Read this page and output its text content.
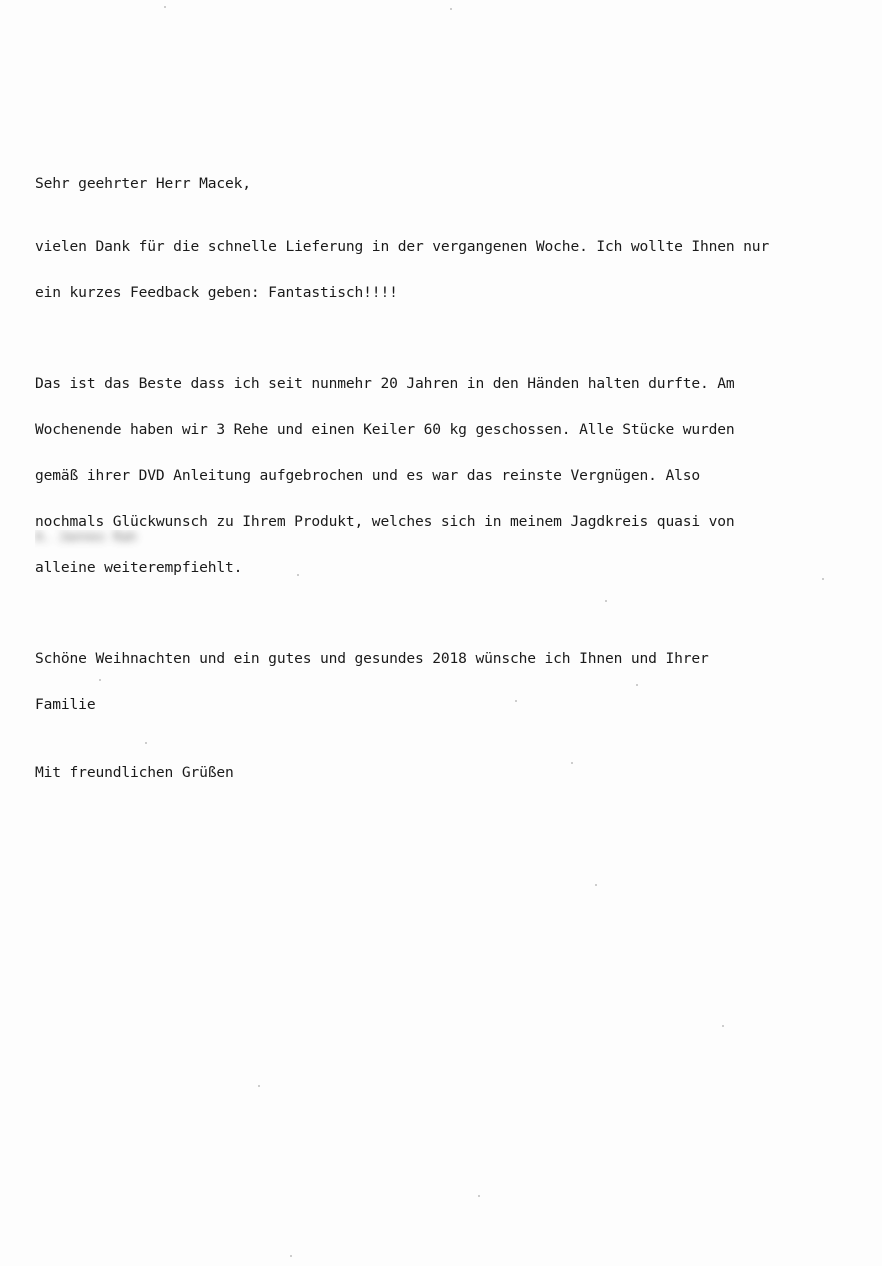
Sehr geehrter Herr Macek,

vielen Dank für die schnelle Lieferung in der vergangenen Woche. Ich wollte Ihnen nur

ein kurzes Feedback geben: Fantastisch!!!!

Das ist das Beste dass ich seit nunmehr 20 Jahren in den Händen halten durfte. Am

Wochenende haben wir 3 Rehe und einen Keiler 60 kg geschossen. Alle Stücke wurden

gemäß ihrer DVD Anleitung aufgebrochen und es war das reinste Vergnügen. Also

nochmals Glückwunsch zu Ihrem Produkt, welches sich in meinem Jagdkreis quasi von

alleine weiterempfiehlt.

Schöne Weihnachten und ein gutes und gesundes 2018 wünsche ich Ihnen und Ihrer

Familie

Mit freundlichen Grüßen

A. Jannes Rah
